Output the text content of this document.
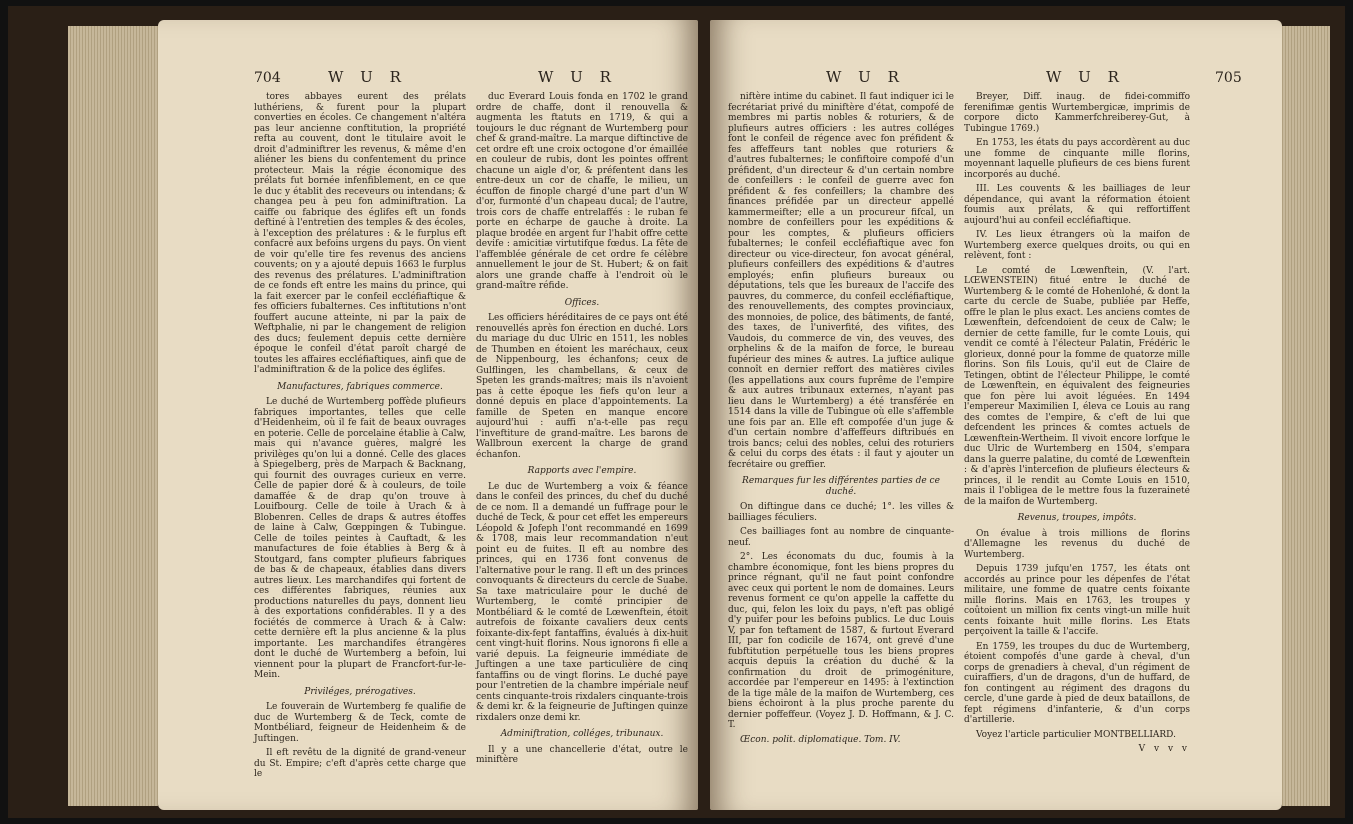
704	W U R	W U R

tores abbayes eurent des prélats luthériens, & furent pour la plupart converties en écoles. Ce changement n'altéra pas leur ancienne conftitution, la propriété refta au couvent, dont le titulaire avoit le droit d'adminiftrer les revenus, & même d'en aliéner les biens du confentement du prince protecteur. Mais la régie économique des prélats fut bornée infenfiblement, en ce que le duc y établit des receveurs ou intendans; & changea peu à peu fon adminiftration. La caiffe ou fabrique des églifes eft un fonds deftiné à l'entretien des temples & des écoles, à l'exception des prélatures : & le furplus eft confacré aux befoins urgens du pays. On vient de voir qu'elle tire fes revenus des anciens couvents; on y a ajouté depuis 1663 le furplus des revenus des prélatures. L'adminiftration de ce fonds eft entre les mains du prince, qui la fait exercer par le confeil eccléfiaftique & fes officiers fubalternes. Ces inftitutions n'ont fouffert aucune atteinte, ni par la paix de Weftphalie, ni par le changement de religion des ducs; feulement depuis cette dernière époque le confeil d'état paroît chargé de toutes les affaires eccléfiaftiques, ainfi que de l'adminiftration & de la police des églifes.

Manufactures, fabriques commerce.

Le duché de Wurtemberg poffède plufieurs fabriques importantes, telles que celle d'Heidenheim, où il fe fait de beaux ouvrages en poterie. Celle de porcelaine établie à Calw, mais qui n'avance guères, malgré les privilèges qu'on lui a donné. Celle des glaces à Spiegelberg, près de Marpach & Backnang, qui fournit des ouvrages curieux en verre. Celle de papier doré & à couleurs, de toile damaffée & de drap qu'on trouve à Louifbourg. Celle de toile à Urach & à Blobenren. Celles de draps & autres étoffes de laine à Calw, Gœppingen & Tubingue. Celle de toiles peintes à Cauftadt, & les manufactures de foie établies à Berg & à Stoutgard, fans compter plufieurs fabriques de bas & de chapeaux, établies dans divers autres lieux. Les marchandifes qui fortent de ces différentes fabriques, réunies aux productions naturelles du pays, donnent lieu à des exportations confidérables. Il y a des fociétés de commerce à Urach & à Calw: cette dernière eft la plus ancienne & la plus importante. Les marchandifes étrangères dont le duché de Wurtemberg a befoin, lui viennent pour la plupart de Francfort-fur-le-Mein.

Priviléges, prérogatives.

Le fouverain de Wurtemberg fe qualifie de duc de Wurtemberg & de Teck, comte de Montbéliard, feigneur de Heidenheim & de Juftingen.

Il eft revêtu de la dignité de grand-veneur du St. Empire; c'eft d'après cette charge que le

duc Everard Louis fonda en 1702 le grand ordre de chaffe, dont il renouvella & augmenta les ftatuts en 1719, & qui a toujours le duc régnant de Wurtemberg pour chef & grand-maître. La marque diftinctive de cet ordre eft une croix octogone d'or émaillée en couleur de rubis, dont les pointes offrent chacune un aigle d'or, & préfentent dans les entre-deux un cor de chaffe, le milieu, un écuffon de finople chargé d'une part d'un W d'or, furmonté d'un chapeau ducal; de l'autre, trois cors de chaffe entrelaffés : le ruban fe porte en écharpe de gauche à droite. La plaque brodée en argent fur l'habit offre cette devife : amicitiæ virtutifque fœdus. La fête de l'affemblée générale de cet ordre fe célèbre annuellement le jour de St. Hubert; & on fait alors une grande chaffe à l'endroit où le grand-maître réfide.

Offices.

Les officiers héréditaires de ce pays ont été renouvellés après fon érection en duché. Lors du mariage du duc Ulric en 1511, les nobles de Thumben en étoient les maréchaux, ceux de Nippenbourg, les échanfons; ceux de Gulflingen, les chambellans, & ceux de Speten les grands-maîtres; mais ils n'avoient pas à cette époque les fiefs qu'on leur a donné depuis en place d'appointements. La famille de Speten en manque encore aujourd'hui : auffi n'a-t-elle pas reçu l'inveftiture de grand-maître. Les barons de Wallbroun exercent la charge de grand échanfon.

Rapports avec l'empire.

Le duc de Wurtemberg a voix & féance dans le confeil des princes, du chef du duché de ce nom. Il a demandé un fuffrage pour le duché de Teck, & pour cet effet les empereurs Léopold & Jofeph l'ont recommandé en 1699 & 1708, mais leur recommandation n'eut point eu de fuites. Il eft au nombre des princes, qui en 1736 font convenus de l'alternative pour le rang. Il eft un des princes convoquants & directeurs du cercle de Suabe. Sa taxe matriculaire pour le duché de Wurtemberg, le comté principier de Montbéliard & le comté de Lœwenftein, étoit autrefois de foixante cavaliers deux cents foixante-dix-fept fantaffins, évalués à dix-huit cent vingt-huit florins. Nous ignorons fi elle a varié depuis. La feigneurie immédiate de Juftingen a une taxe particulière de cinq fantaffins ou de vingt florins. Le duché paye pour l'entretien de la chambre impériale neuf cents cinquante-trois rixdalers cinquante-trois & demi kr. & la feigneurie de Juftingen quinze rixdalers onze demi kr.

Adminiftration, colléges, tribunaux.

Il y a une chancellerie d'état, outre le miniftère

W U R	W U R	705

niftère intime du cabinet. Il faut indiquer ici le fecrétariat privé du miniftère d'état, compofé de membres mi partis nobles & roturiers, & de plufieurs autres officiers : les autres colléges font le confeil de régence avec fon préfident & fes affeffeurs tant nobles que roturiers & d'autres fubalternes; le confiftoire compofé d'un préfident, d'un directeur & d'un certain nombre de confeillers : le confeil de guerre avec fon préfident & fes confeillers; la chambre des finances préfidée par un directeur appellé kammermeifter; elle a un procureur fifcal, un nombre de confeillers pour les expéditions & pour les comptes, & plufieurs officiers fubalternes; le confeil eccléfiaftique avec fon directeur ou vice-directeur, fon avocat général, plufieurs confeillers des expéditions & d'autres employés; enfin plufieurs bureaux ou députations, tels que les bureaux de l'accife des pauvres, du commerce, du confeil eccléfiaftique, des renouvellements, des comptes provinciaux, des monnoies, de police, des bâtiments, de fanté, des taxes, de l'univerfité, des vifites, des Vaudois, du commerce de vin, des veuves, des orphelins & de la maifon de force, le bureau fupérieur des mines & autres. La juftice aulique connoît en dernier reffort des matières civiles (les appellations aux cours fuprême de l'empire & aux autres tribunaux externes, n'ayant pas lieu dans le Wurtemberg) a été transférée en 1514 dans la ville de Tubingue où elle s'affemble une fois par an. Elle eft compofée d'un juge & d'un certain nombre d'affeffeurs diftribués en trois bancs; celui des nobles, celui des roturiers & celui du corps des états : il faut y ajouter un fecrétaire ou greffier.

Remarques fur les différentes parties de ce duché.

On diftingue dans ce duché; 1°. les villes & bailliages féculiers.

Ces bailliages font au nombre de cinquante-neuf.

2°. Les économats du duc, foumis à la chambre économique, font les biens propres du prince régnant, qu'il ne faut point confondre avec ceux qui portent le nom de domaines. Leurs revenus forment ce qu'on appelle la caffette du duc, qui, felon les loix du pays, n'eft pas obligé d'y puifer pour les befoins publics. Le duc Louis V, par fon teftament de 1587, & furtout Everard III, par fon codicile de 1674, ont grevé d'une fubftitution perpétuelle tous les biens propres acquis depuis la création du duché & la confirmation du droit de primogéniture, accordée par l'empereur en 1495: à l'extinction de la tige mâle de la maifon de Wurtemberg, ces biens échoiront à la plus proche parente du dernier poffeffeur. (Voyez J. D. Hoffmann, & J. C. T.

Œcon. polit. diplomatique. Tom. IV.

Breyer, Diff. inaug. de fidei-commiffo ferenifimæ gentis Wurtembergicæ, imprimis de corpore dicto Kammerfchreiberey-Gut, à Tubingue 1769.)

En 1753, les états du pays accordèrent au duc une fomme de cinquante mille florins, moyennant laquelle plufieurs de ces biens furent incorporés au duché.

III. Les couvents & les bailliages de leur dépendance, qui avant la réformation étoient foumis aux prélats, & qui reffortiffent aujourd'hui au confeil eccléfiaftique.

IV. Les lieux étrangers où la maifon de Wurtemberg exerce quelques droits, ou qui en relèvent, font :

Le comté de Lœwenftein, (V. l'art. LŒWENSTEIN) fitué entre le duché de Wurtemberg & le comté de Hohenlohé, & dont la carte du cercle de Suabe, publiée par Heffe, offre le plan le plus exact. Les anciens comtes de Lœwenftein, defcendoient de ceux de Calw; le dernier de cette famille, fur le comte Louis, qui vendit ce comté à l'électeur Palatin, Frédéric le glorieux, donné pour la fomme de quatorze mille florins. Son fils Louis, qu'il eut de Claire de Tetingen, obtint de l'électeur Philippe, le comté de Lœwenftein, en équivalent des feigneuries que fon père lui avoit léguées. En 1494 l'empereur Maximilien I, éleva ce Louis au rang des comtes de l'empire, & c'eft de lui que defcendent les princes & comtes actuels de Lœwenftein-Wertheim. Il vivoit encore lorfque le duc Ulric de Wurtemberg en 1504, s'empara dans la guerre palatine, du comté de Lœwenftein : & d'après l'intercefion de plufieurs électeurs & princes, il le rendit au Comte Louis en 1510, mais il l'obligea de le mettre fous la fuzeraineté de la maifon de Wurtemberg.

Revenus, troupes, impôts.

On évalue à trois millions de florins d'Allemagne les revenus du duché de Wurtemberg.

Depuis 1739 jufqu'en 1757, les états ont accordés au prince pour les dépenfes de l'état militaire, une fomme de quatre cents foixante mille florins. Mais en 1763, les troupes y coûtoient un million fix cents vingt-un mille huit cents foixante huit mille florins. Les Etats perçoivent la taille & l'accife.

En 1759, les troupes du duc de Wurtemberg, étoient compofés d'une garde à cheval, d'un corps de grenadiers à cheval, d'un régiment de cuiraffiers, d'un de dragons, d'un de huffard, de fon contingent au régiment des dragons du cercle, d'une garde à pied de deux bataillons, de fept régimens d'infanterie, & d'un corps d'artillerie.

Voyez l'article particulier MONTBELLIARD.

V v v v
